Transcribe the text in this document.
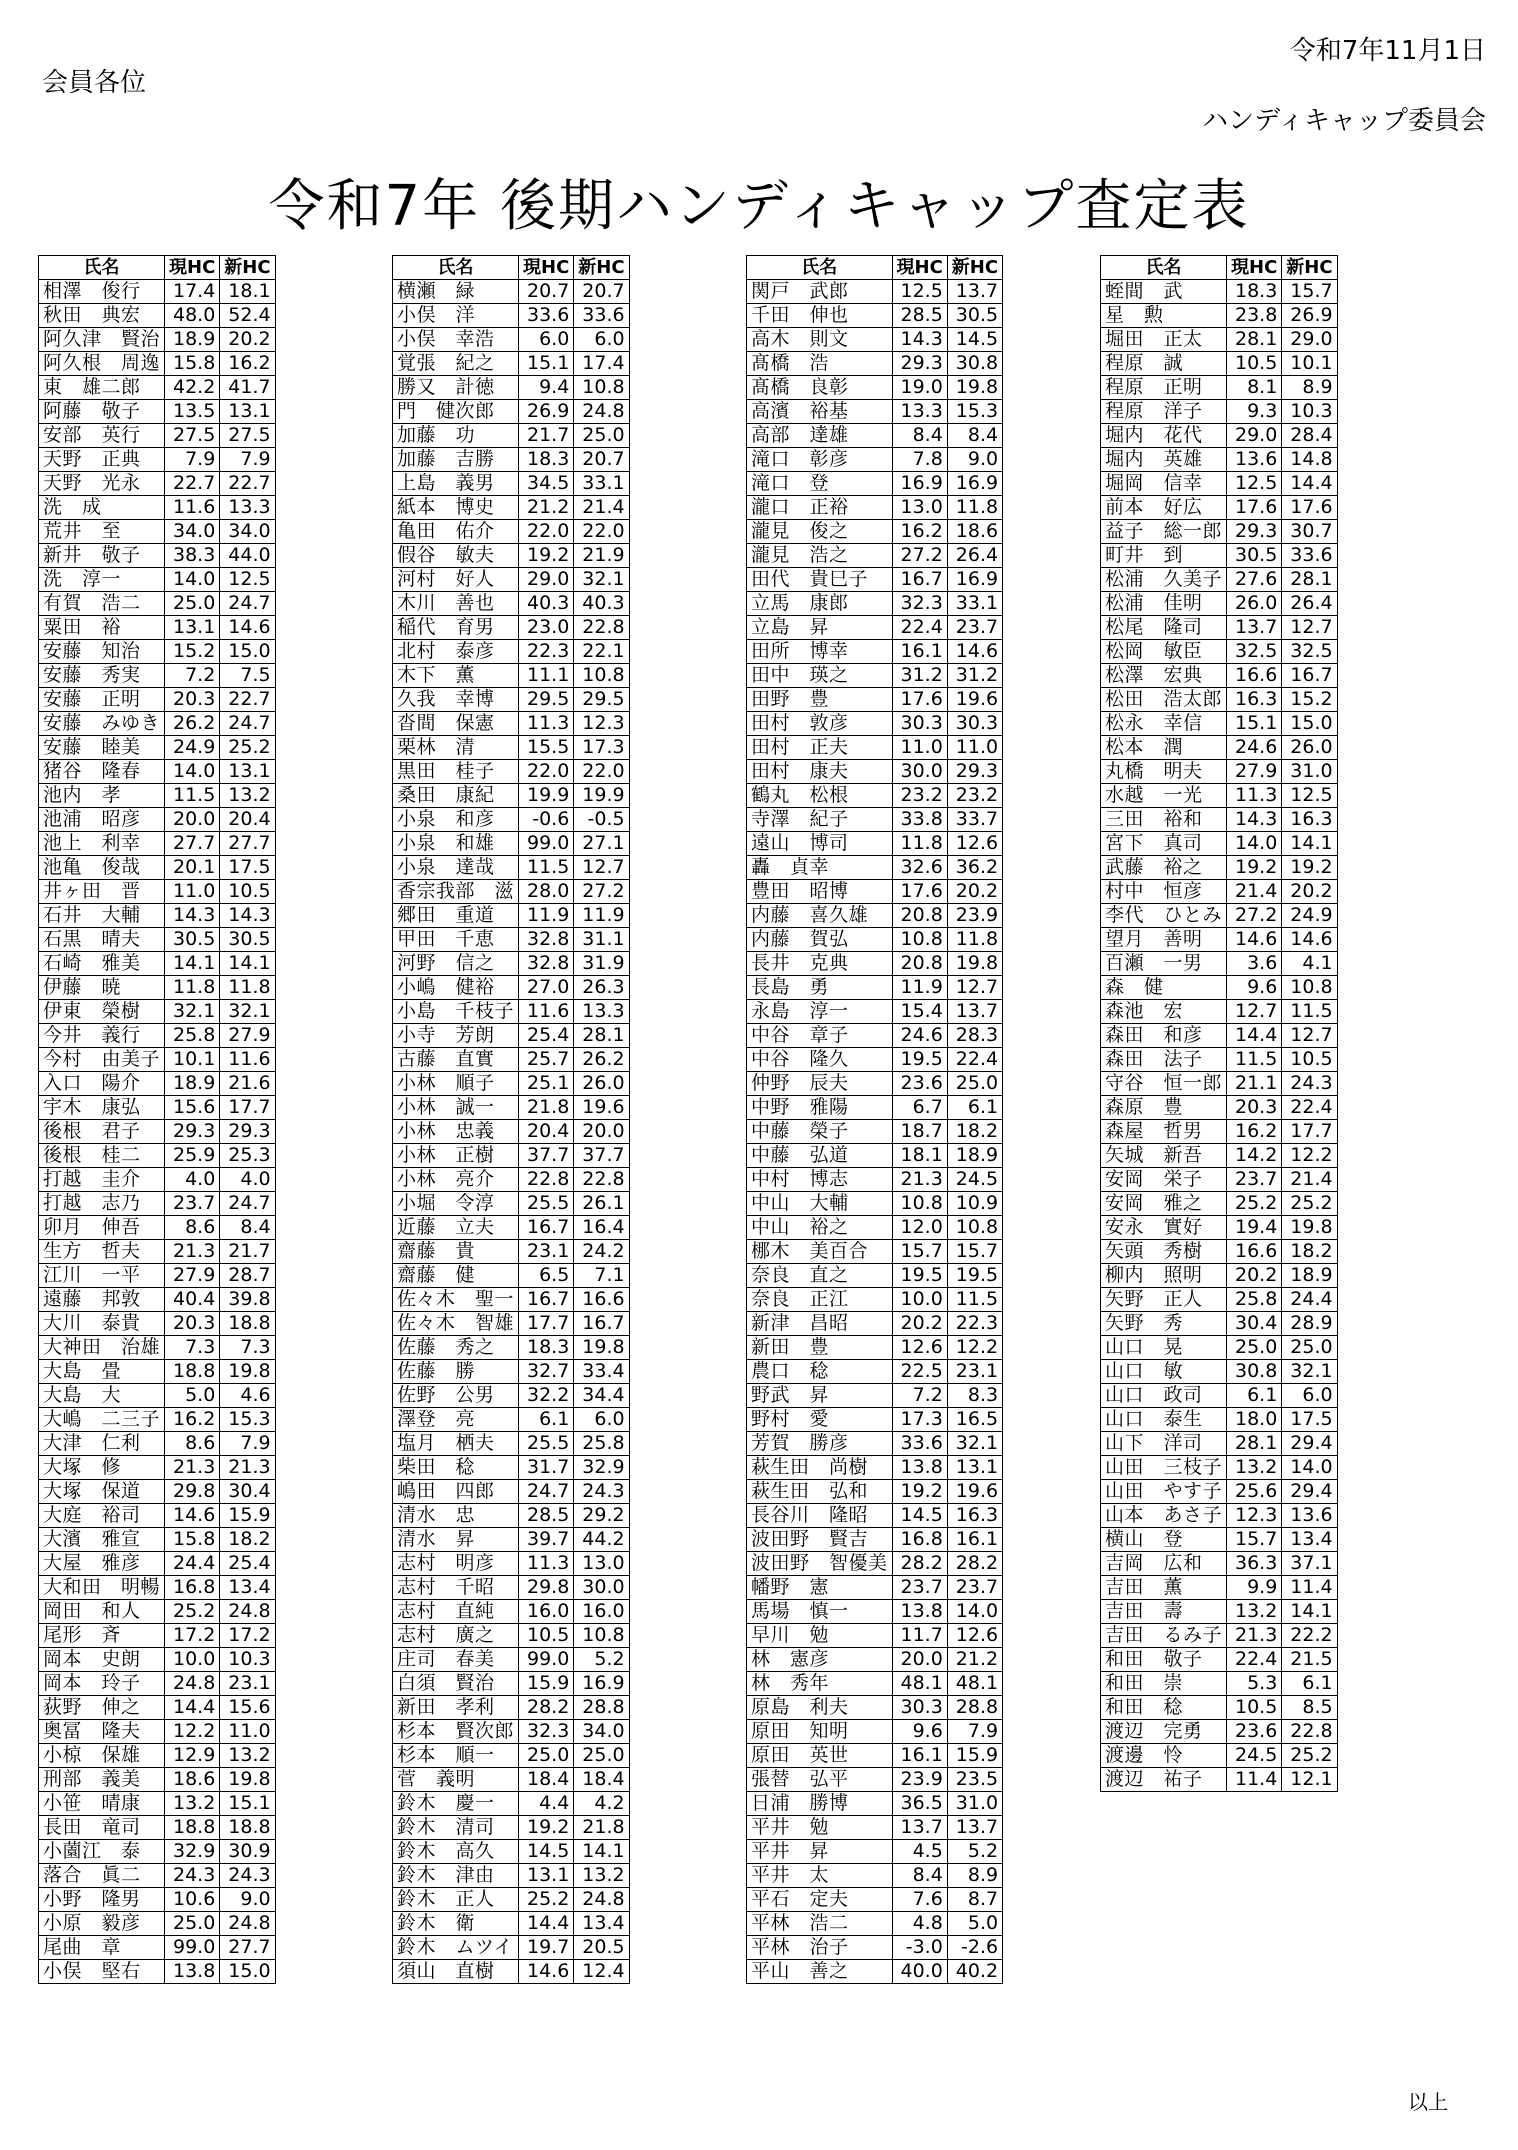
令和7年11月1日
会員各位
ハンディキャップ委員会
令和7年 後期ハンディキャップ査定表
氏名	現HC	新HC
相澤　俊行	17.4	18.1
秋田　典宏	48.0	52.4
阿久津　賢治	18.9	20.2
阿久根　周逸	15.8	16.2
東　雄二郎	42.2	41.7
阿藤　敬子	13.5	13.1
安部　英行	27.5	27.5
天野　正典	7.9	7.9
天野　光永	22.7	22.7
洗　成	11.6	13.3
荒井　至	34.0	34.0
新井　敬子	38.3	44.0
洗　淳一	14.0	12.5
有賀　浩二	25.0	24.7
粟田　裕	13.1	14.6
安藤　知治	15.2	15.0
安藤　秀実	7.2	7.5
安藤　正明	20.3	22.7
安藤　みゆき	26.2	24.7
安藤　睦美	24.9	25.2
猪谷　隆春	14.0	13.1
池内　孝	11.5	13.2
池浦　昭彦	20.0	20.4
池上　利幸	27.7	27.7
池亀　俊哉	20.1	17.5
井ヶ田　晋	11.0	10.5
石井　大輔	14.3	14.3
石黒　晴夫	30.5	30.5
石崎　雅美	14.1	14.1
伊藤　暁	11.8	11.8
伊東　榮樹	32.1	32.1
今井　義行	25.8	27.9
今村　由美子	10.1	11.6
入口　陽介	18.9	21.6
宇木　康弘	15.6	17.7
後根　君子	29.3	29.3
後根　桂二	25.9	25.3
打越　圭介	4.0	4.0
打越　志乃	23.7	24.7
卯月　伸吾	8.6	8.4
生方　哲夫	21.3	21.7
江川　一平	27.9	28.7
遠藤　邦敦	40.4	39.8
大川　泰貴	20.3	18.8
大神田　治雄	7.3	7.3
大島　畳	18.8	19.8
大島　大	5.0	4.6
大嶋　二三子	16.2	15.3
大津　仁利	8.6	7.9
大塚　修	21.3	21.3
大塚　保道	29.8	30.4
大庭　裕司	14.6	15.9
大濱　雅宣	15.8	18.2
大屋　雅彦	24.4	25.4
大和田　明暢	16.8	13.4
岡田　和人	25.2	24.8
尾形　斉	17.2	17.2
岡本　史朗	10.0	10.3
岡本　玲子	24.8	23.1
荻野　伸之	14.4	15.6
奥冨　隆夫	12.2	11.0
小椋　保雄	12.9	13.2
刑部　義美	18.6	19.8
小笹　晴康	13.2	15.1
長田　竜司	18.8	18.8
小薗江　泰	32.9	30.9
落合　眞二	24.3	24.3
小野　隆男	10.6	9.0
小原　毅彦	25.0	24.8
尾曲　章	99.0	27.7
小俣　堅右	13.8	15.0
氏名	現HC	新HC
横瀬　緑	20.7	20.7
小俣　洋	33.6	33.6
小俣　幸浩	6.0	6.0
覚張　紀之	15.1	17.4
勝又　計徳	9.4	10.8
門　健次郎	26.9	24.8
加藤　功	21.7	25.0
加藤　吉勝	18.3	20.7
上島　義男	34.5	33.1
紙本　博史	21.2	21.4
亀田　佑介	22.0	22.0
假谷　敏夫	19.2	21.9
河村　好人	29.0	32.1
木川　善也	40.3	40.3
稲代　育男	23.0	22.8
北村　泰彦	22.3	22.1
木下　薫	11.1	10.8
久我　幸博	29.5	29.5
沓間　保憲	11.3	12.3
栗林　清	15.5	17.3
黒田　桂子	22.0	22.0
桑田　康紀	19.9	19.9
小泉　和彦	-0.6	-0.5
小泉　和雄	99.0	27.1
小泉　達哉	11.5	12.7
香宗我部　滋	28.0	27.2
郷田　重道	11.9	11.9
甲田　千恵	32.8	31.1
河野　信之	32.8	31.9
小嶋　健裕	27.0	26.3
小島　千枝子	11.6	13.3
小寺　芳朗	25.4	28.1
古藤　直實	25.7	26.2
小林　順子	25.1	26.0
小林　誠一	21.8	19.6
小林　忠義	20.4	20.0
小林　正樹	37.7	37.7
小林　亮介	22.8	22.8
小堀　令淳	25.5	26.1
近藤　立夫	16.7	16.4
齋藤　貴	23.1	24.2
齋藤　健	6.5	7.1
佐々木　聖一	16.7	16.6
佐々木　智雄	17.7	16.7
佐藤　秀之	18.3	19.8
佐藤　勝	32.7	33.4
佐野　公男	32.2	34.4
澤登　亮	6.1	6.0
塩月　栖夫	25.5	25.8
柴田　稔	31.7	32.9
嶋田　四郎	24.7	24.3
清水　忠	28.5	29.2
清水　昇	39.7	44.2
志村　明彦	11.3	13.0
志村　千昭	29.8	30.0
志村　直純	16.0	16.0
志村　廣之	10.5	10.8
庄司　春美	99.0	5.2
白須　賢治	15.9	16.9
新田　孝利	28.2	28.8
杉本　賢次郎	32.3	34.0
杉本　順一	25.0	25.0
菅　義明	18.4	18.4
鈴木　慶一	4.4	4.2
鈴木　清司	19.2	21.8
鈴木　高久	14.5	14.1
鈴木　津由	13.1	13.2
鈴木　正人	25.2	24.8
鈴木　衛	14.4	13.4
鈴木　ムツイ	19.7	20.5
須山　直樹	14.6	12.4
氏名	現HC	新HC
関戸　武郎	12.5	13.7
千田　伸也	28.5	30.5
高木　則文	14.3	14.5
髙橋　浩	29.3	30.8
髙橋　良彰	19.0	19.8
高濱　裕基	13.3	15.3
高部　達雄	8.4	8.4
滝口　彰彦	7.8	9.0
滝口　登	16.9	16.9
瀧口　正裕	13.0	11.8
瀧見　俊之	16.2	18.6
瀧見　浩之	27.2	26.4
田代　貴巳子	16.7	16.9
立馬　康郎	32.3	33.1
立島　昇	22.4	23.7
田所　博幸	16.1	14.6
田中　瑛之	31.2	31.2
田野　豊	17.6	19.6
田村　敦彦	30.3	30.3
田村　正夫	11.0	11.0
田村　康夫	30.0	29.3
鶴丸　松根	23.2	23.2
寺澤　紀子	33.8	33.7
遠山　博司	11.8	12.6
轟　貞幸	32.6	36.2
豊田　昭博	17.6	20.2
内藤　喜久雄	20.8	23.9
内藤　賀弘	10.8	11.8
長井　克典	20.8	19.8
長島　勇	11.9	12.7
永島　淳一	15.4	13.7
中谷　章子	24.6	28.3
中谷　隆久	19.5	22.4
仲野　辰夫	23.6	25.0
中野　雅陽	6.7	6.1
中藤　榮子	18.7	18.2
中藤　弘道	18.1	18.9
中村　博志	21.3	24.5
中山　大輔	10.8	10.9
中山　裕之	12.0	10.8
梛木　美百合	15.7	15.7
奈良　直之	19.5	19.5
奈良　正江	10.0	11.5
新津　昌昭	20.2	22.3
新田　豊	12.6	12.2
農口　稔	22.5	23.1
野武　昇	7.2	8.3
野村　愛	17.3	16.5
芳賀　勝彦	33.6	32.1
萩生田　尚樹	13.8	13.1
萩生田　弘和	19.2	19.6
長谷川　隆昭	14.5	16.3
波田野　賢吉	16.8	16.1
波田野　智優美	28.2	28.2
幡野　憲	23.7	23.7
馬場　慎一	13.8	14.0
早川　勉	11.7	12.6
林　憲彦	20.0	21.2
林　秀年	48.1	48.1
原島　利夫	30.3	28.8
原田　知明	9.6	7.9
原田　英世	16.1	15.9
張替　弘平	23.9	23.5
日浦　勝博	36.5	31.0
平井　勉	13.7	13.7
平井　昇	4.5	5.2
平井　太	8.4	8.9
平石　定夫	7.6	8.7
平林　浩二	4.8	5.0
平林　治子	-3.0	-2.6
平山　善之	40.0	40.2
氏名	現HC	新HC
蛭間　武	18.3	15.7
星　勲	23.8	26.9
堀田　正太	28.1	29.0
程原　誠	10.5	10.1
程原　正明	8.1	8.9
程原　洋子	9.3	10.3
堀内　花代	29.0	28.4
堀内　英雄	13.6	14.8
堀岡　信幸	12.5	14.4
前本　好広	17.6	17.6
益子　総一郎	29.3	30.7
町井　到	30.5	33.6
松浦　久美子	27.6	28.1
松浦　佳明	26.0	26.4
松尾　隆司	13.7	12.7
松岡　敏臣	32.5	32.5
松澤　宏典	16.6	16.7
松田　浩太郎	16.3	15.2
松永　幸信	15.1	15.0
松本　潤	24.6	26.0
丸橋　明夫	27.9	31.0
水越　一光	11.3	12.5
三田　裕和	14.3	16.3
宮下　真司	14.0	14.1
武藤　裕之	19.2	19.2
村中　恒彦	21.4	20.2
李代　ひとみ	27.2	24.9
望月　善明	14.6	14.6
百瀬　一男	3.6	4.1
森　健	9.6	10.8
森池　宏	12.7	11.5
森田　和彦	14.4	12.7
森田　法子	11.5	10.5
守谷　恒一郎	21.1	24.3
森原　豊	20.3	22.4
森屋　哲男	16.2	17.7
矢城　新吾	14.2	12.2
安岡　栄子	23.7	21.4
安岡　雅之	25.2	25.2
安永　實好	19.4	19.8
矢頭　秀樹	16.6	18.2
柳内　照明	20.2	18.9
矢野　正人	25.8	24.4
矢野　秀	30.4	28.9
山口　晃	25.0	25.0
山口　敏	30.8	32.1
山口　政司	6.1	6.0
山口　泰生	18.0	17.5
山下　洋司	28.1	29.4
山田　三枝子	13.2	14.0
山田　やす子	25.6	29.4
山本　あさ子	12.3	13.6
横山　登	15.7	13.4
吉岡　広和	36.3	37.1
吉田　薫	9.9	11.4
吉田　壽	13.2	14.1
吉田　るみ子	21.3	22.2
和田　敬子	22.4	21.5
和田　崇	5.3	6.1
和田　稔	10.5	8.5
渡辺　完勇	23.6	22.8
渡邊　怜	24.5	25.2
渡辺　祐子	11.4	12.1
以上
